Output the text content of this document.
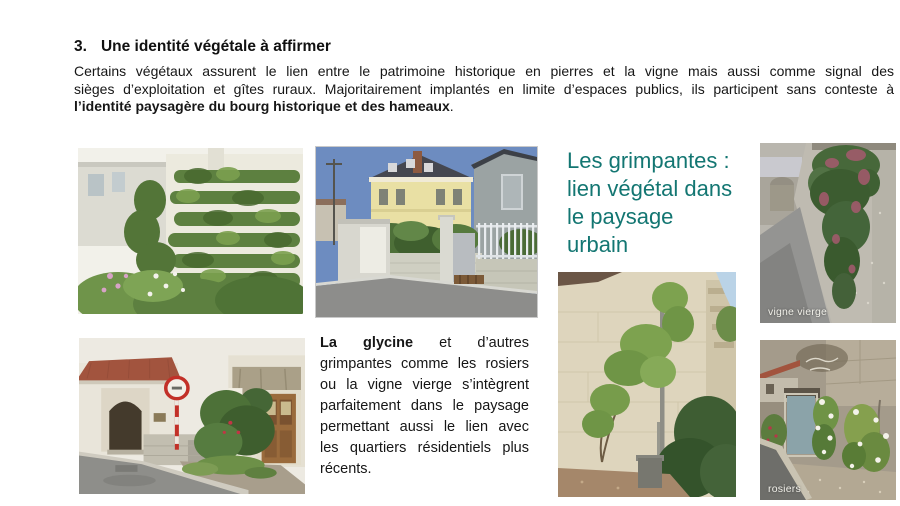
3. Une identité végétale à affirmer
Certains végétaux assurent le lien entre le patrimoine historique en pierres et la vigne mais aussi comme signal des
sièges d’exploitation et gîtes ruraux. Majoritairement implantés en limite d’espaces publics, ils participent sans conteste à
l’identité paysagère du bourg historique et des hameaux.
Les grimpantes :
lien végétal dans
le paysage
urbain
vigne vierge
La glycine et d’autres
grimpantes comme les rosiers
ou la vigne vierge s’intègrent
parfaitement dans le paysage
permettant aussi le lien avec
les quartiers résidentiels plus
récents.
rosiers
